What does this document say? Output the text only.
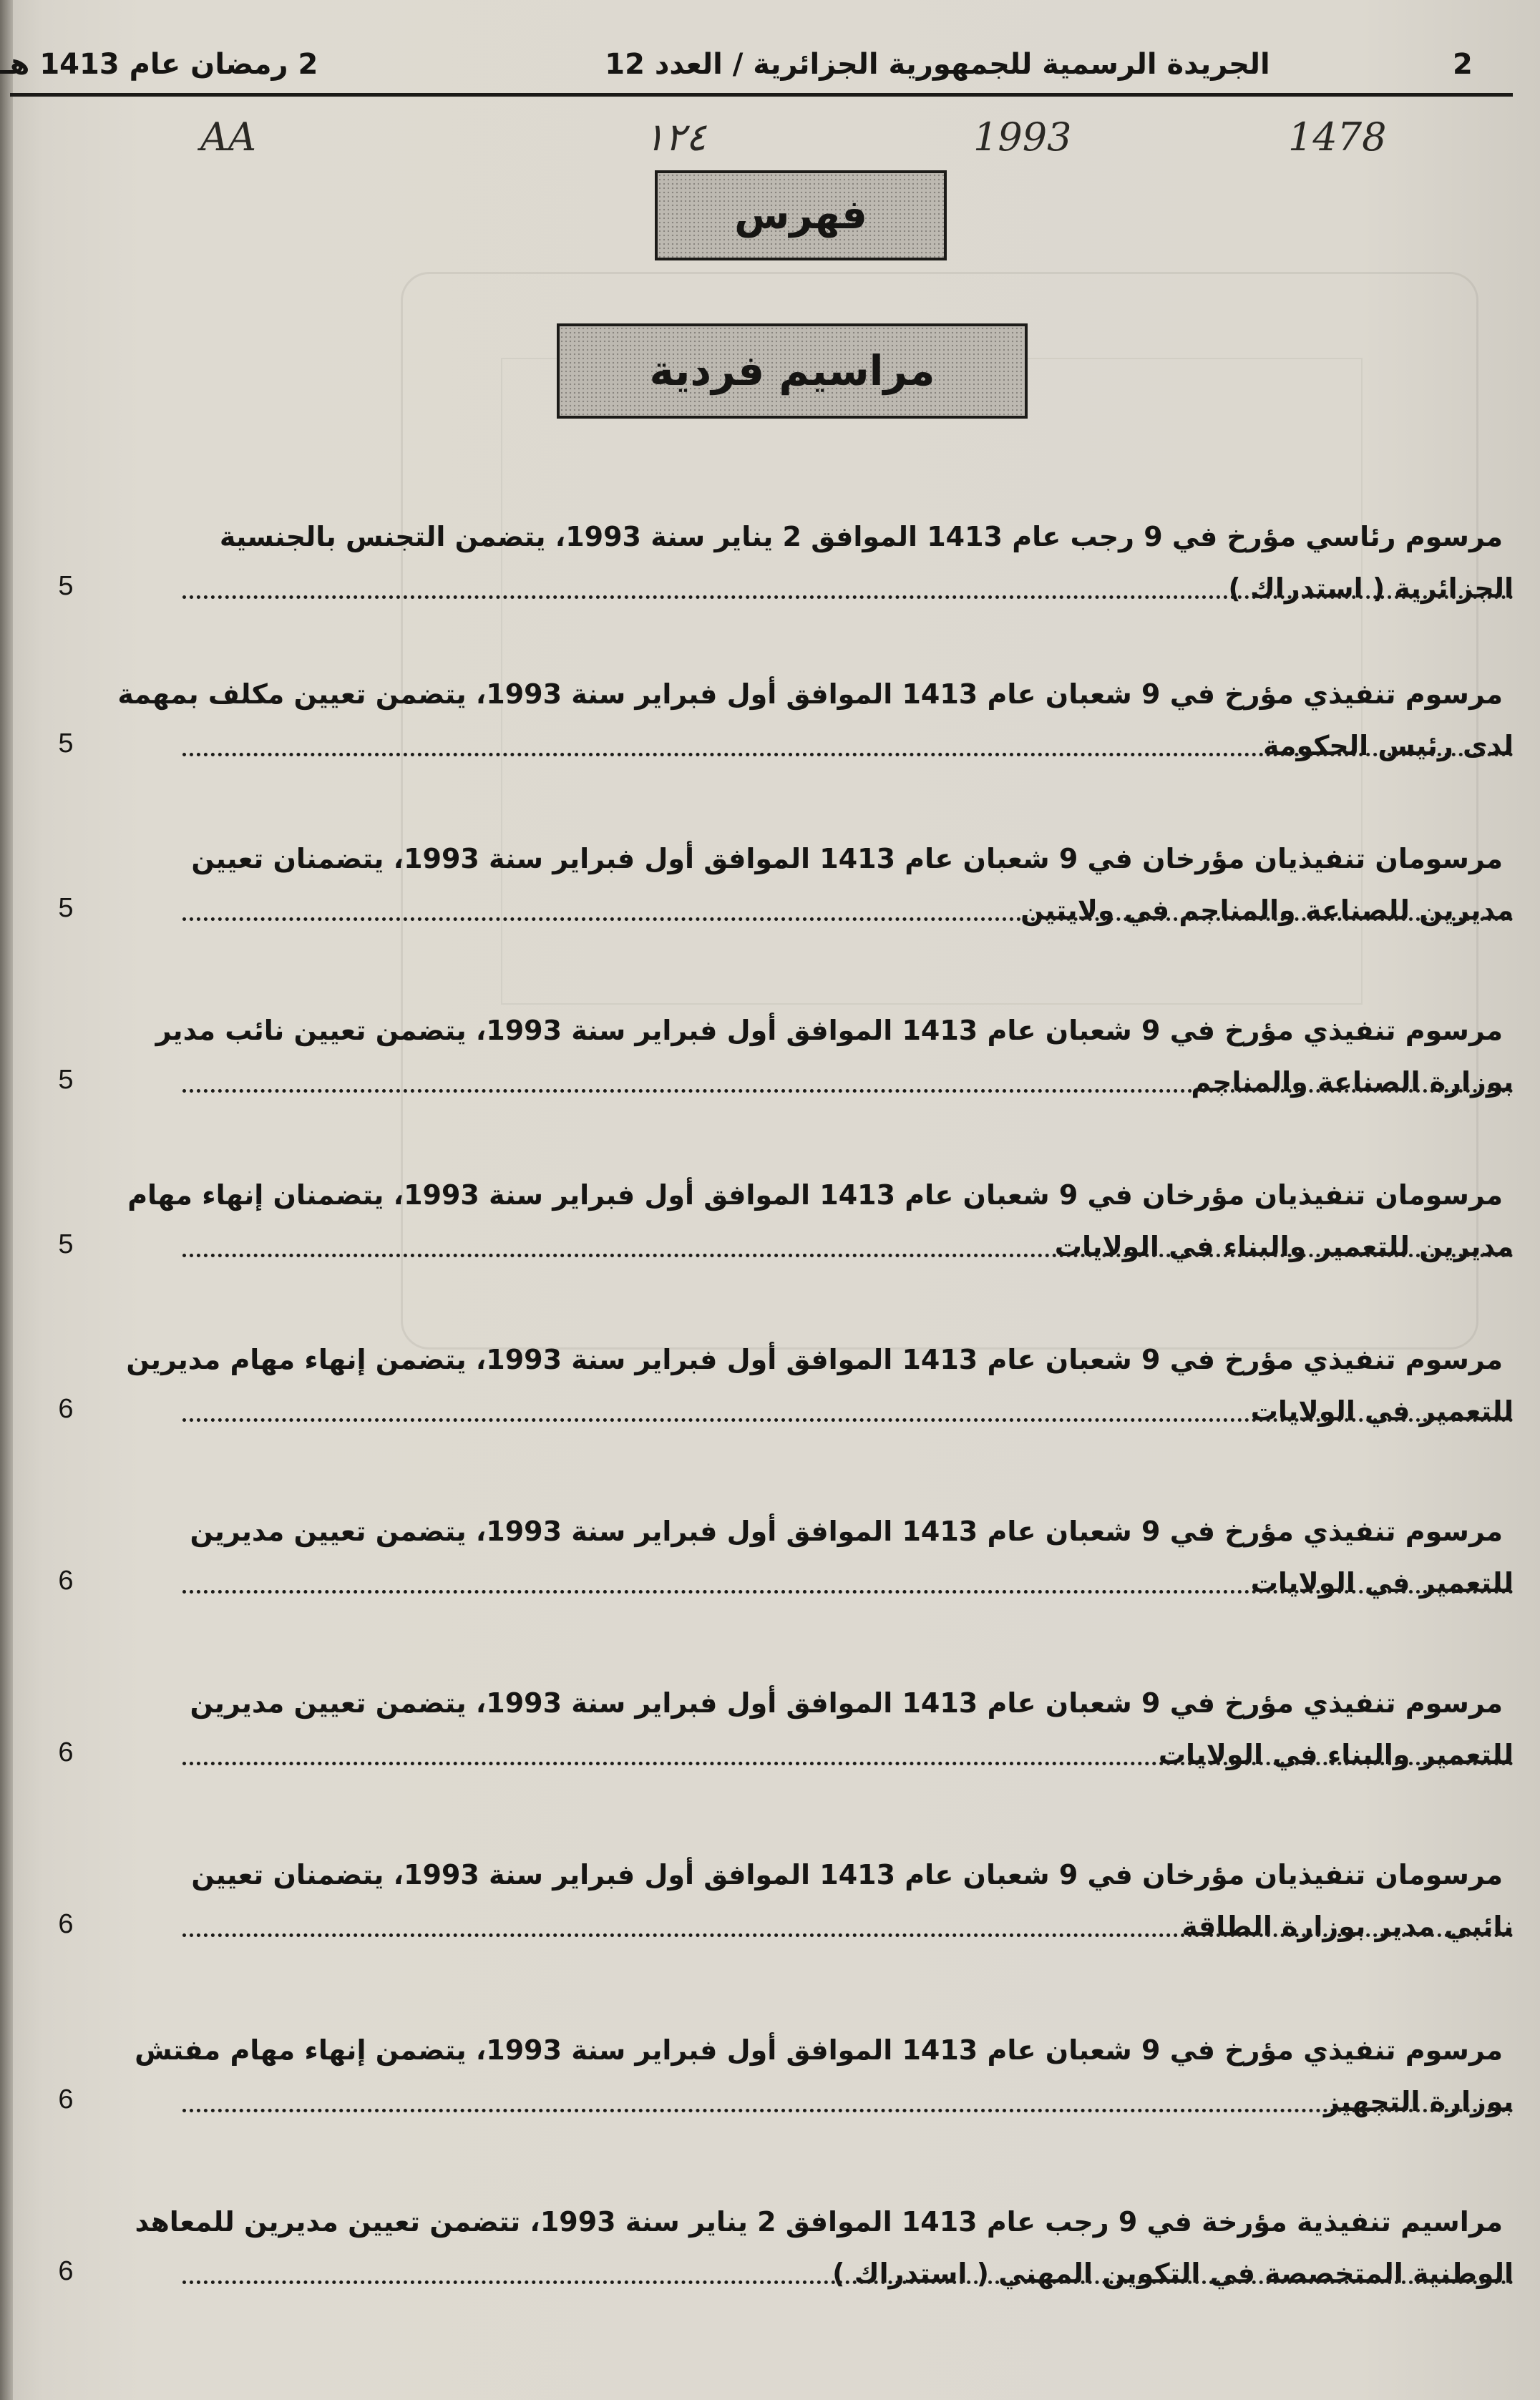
2
الجريدة الرسمية للجمهورية الجزائرية / العدد 12
2 رمضان عام 1413 هـ
AA	١٢٤	1993	1478
فهرس
مراسيم فردية
مرسوم رئاسي مؤرخ في 9 رجب عام 1413 الموافق 2 يناير سنة 1993، يتضمن التجنس بالجنسية
الجزائرية ( استدراك )
5
مرسوم تنفيذي مؤرخ في 9 شعبان عام 1413 الموافق أول فبراير سنة 1993، يتضمن تعيين مكلف بمهمة
لدى رئيس الحكومة
5
مرسومان تنفيذيان مؤرخان في 9 شعبان عام 1413 الموافق أول فبراير سنة 1993، يتضمنان تعيين
مديرين للصناعة والمناجم في ولايتين
5
مرسوم تنفيذي مؤرخ في 9 شعبان عام 1413 الموافق أول فبراير سنة 1993، يتضمن تعيين نائب مدير
بوزارة الصناعة والمناجم
5
مرسومان تنفيذيان مؤرخان في 9 شعبان عام 1413 الموافق أول فبراير سنة 1993، يتضمنان إنهاء مهام
مديرين للتعمير والبناء في الولايات
5
مرسوم تنفيذي مؤرخ في 9 شعبان عام 1413 الموافق أول فبراير سنة 1993، يتضمن إنهاء مهام مديرين
للتعمير في الولايات
6
مرسوم تنفيذي مؤرخ في 9 شعبان عام 1413 الموافق أول فبراير سنة 1993، يتضمن تعيين مديرين
للتعمير في الولايات
6
مرسوم تنفيذي مؤرخ في 9 شعبان عام 1413 الموافق أول فبراير سنة 1993، يتضمن تعيين مديرين
للتعمير والبناء في الولايات
6
مرسومان تنفيذيان مؤرخان في 9 شعبان عام 1413 الموافق أول فبراير سنة 1993، يتضمنان تعيين
نائبي مدير بوزارة الطاقة
6
مرسوم تنفيذي مؤرخ في 9 شعبان عام 1413 الموافق أول فبراير سنة 1993، يتضمن إنهاء مهام مفتش
بوزارة التجهيز
6
مراسيم تنفيذية مؤرخة في 9 رجب عام 1413 الموافق 2 يناير سنة 1993، تتضمن تعيين مديرين للمعاهد
الوطنية المتخصصة في التكوين المهني ( استدراك )
6
